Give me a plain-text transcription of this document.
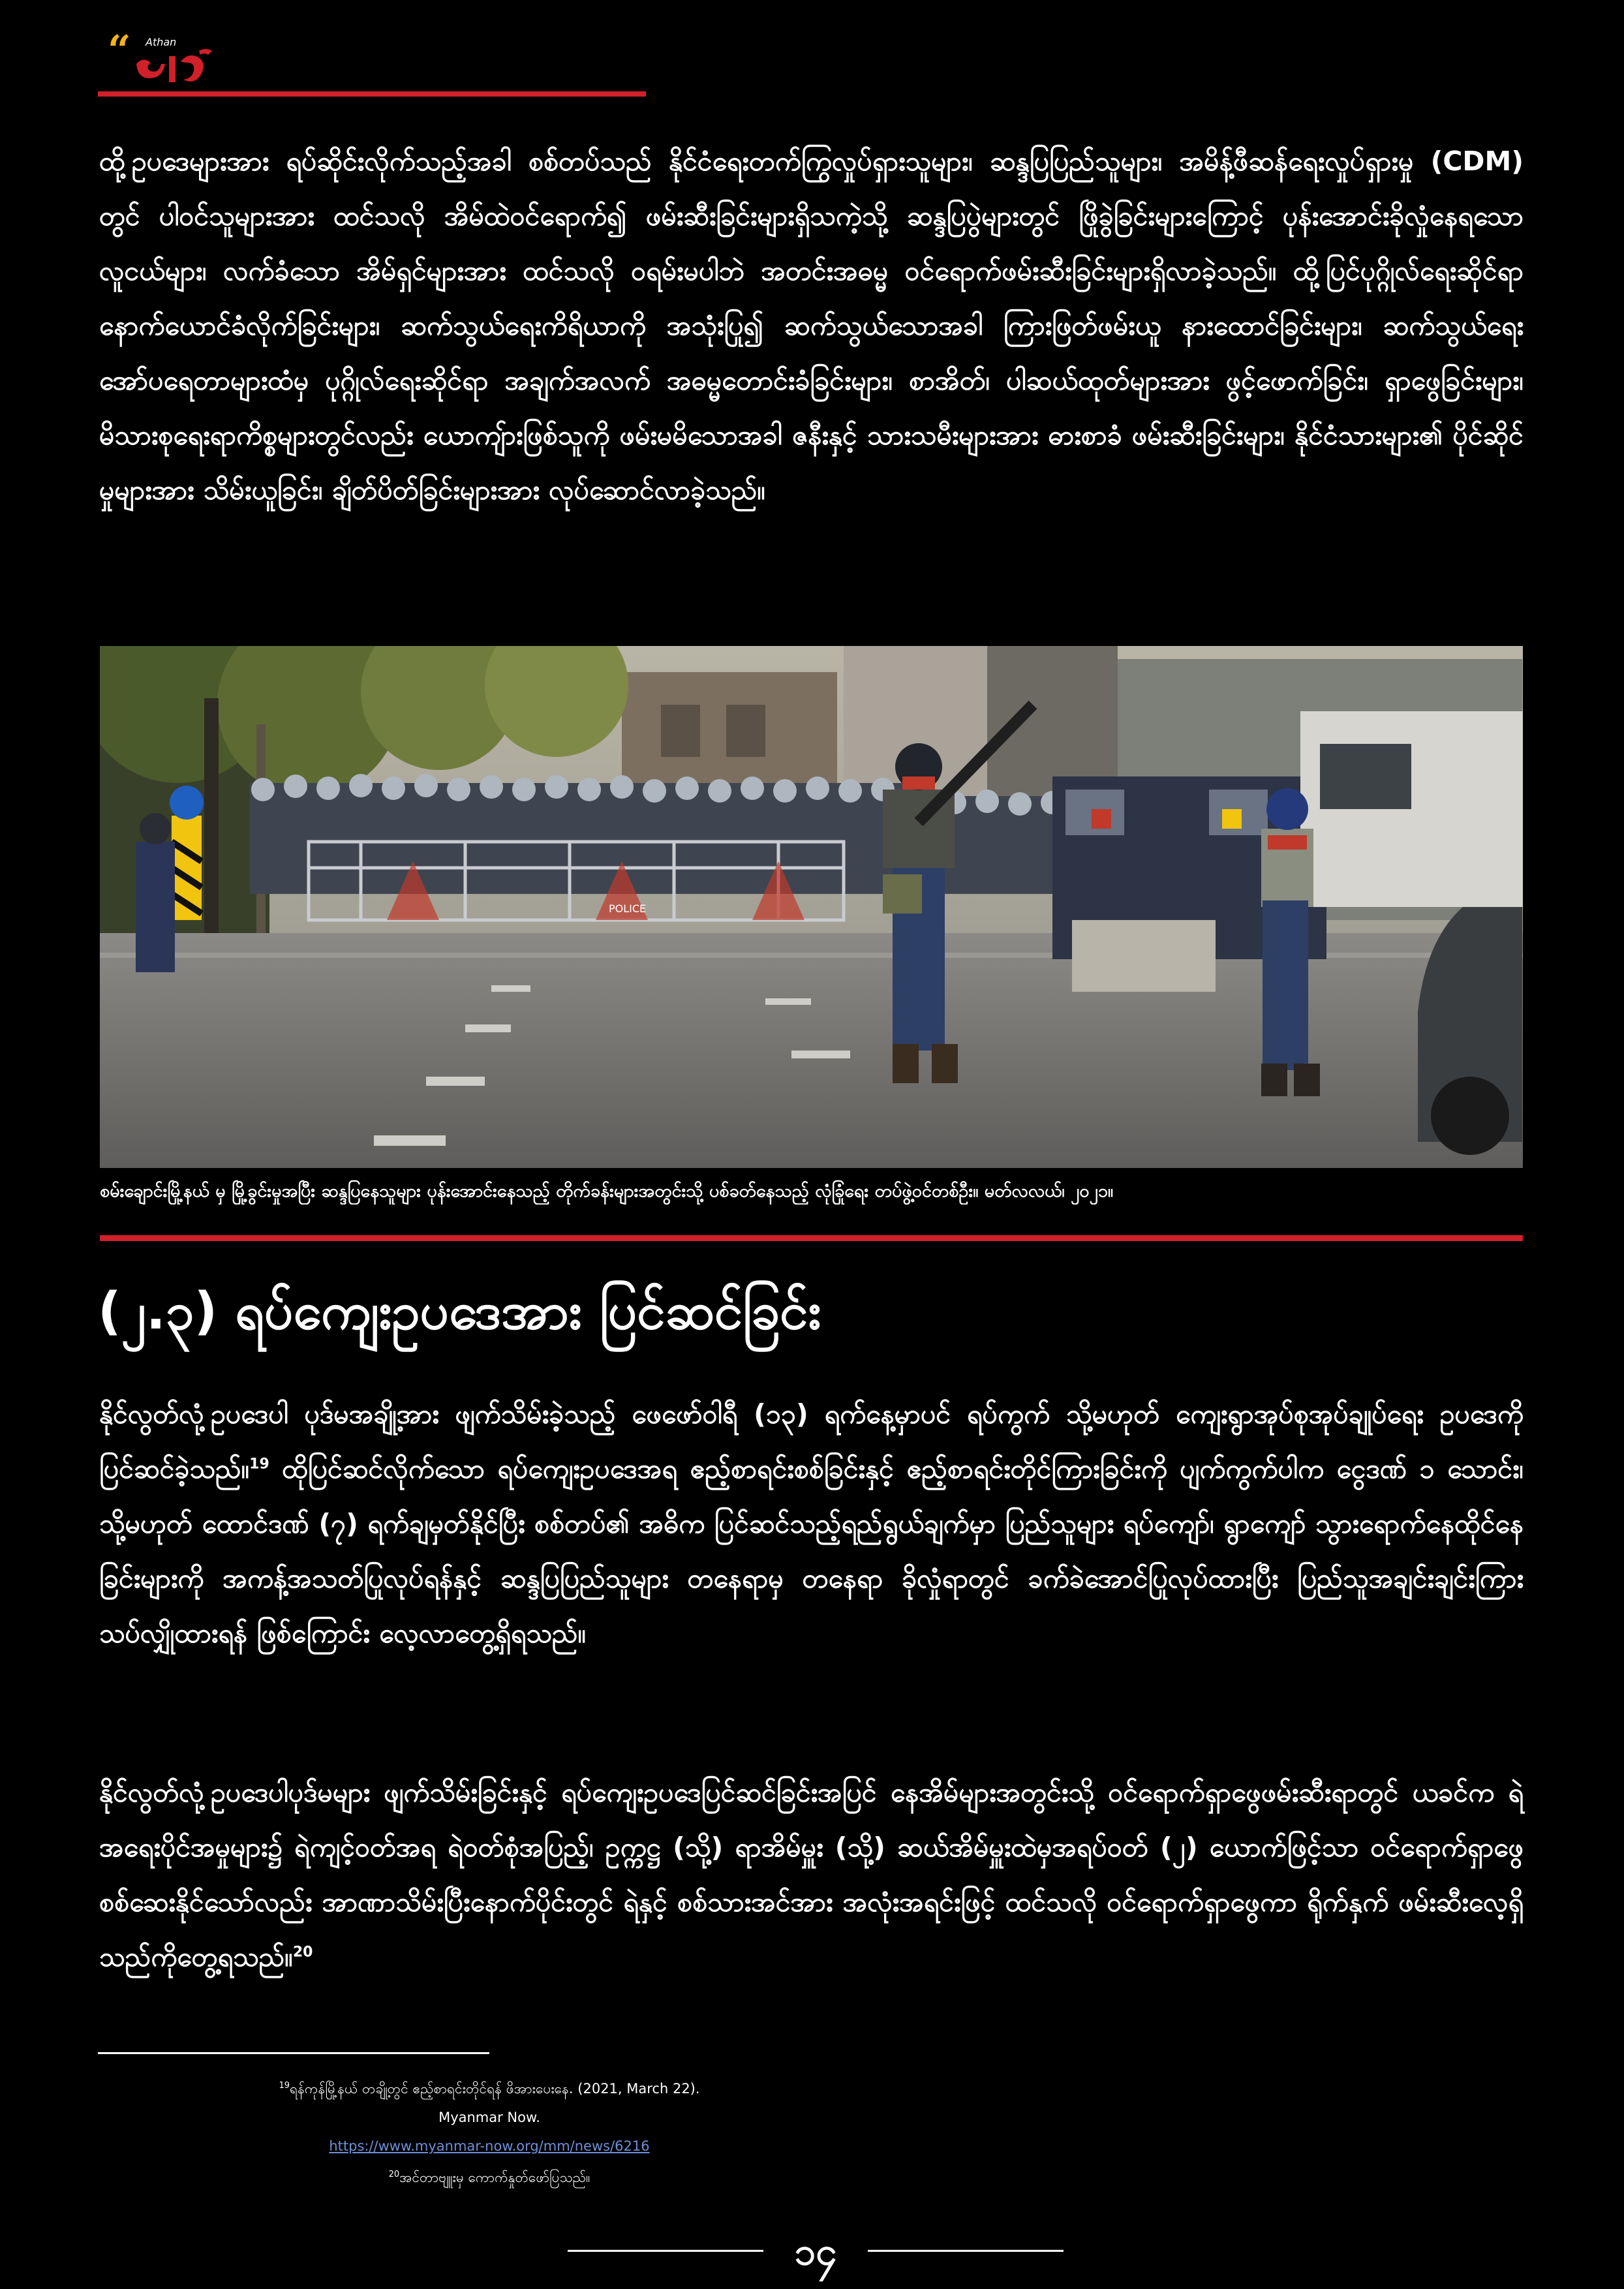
“ Athan

ထို့ဥပဒေများအား ရပ်ဆိုင်းလိုက်သည့်အခါ စစ်တပ်သည် နိုင်ငံရေးတက်ကြွလှုပ်ရှားသူများ၊ ဆန္ဒပြပြည်သူများ၊ အမိန့်ဖီဆန်ရေးလှုပ်ရှားမှု (CDM) တွင် ပါဝင်သူများအား ထင်သလို အိမ်ထဲဝင်ရောက်၍ ဖမ်းဆီးခြင်းများရှိသကဲ့သို့ ဆန္ဒပြပွဲများတွင် ဖြိုခွဲခြင်းများကြောင့် ပုန်းအောင်းခိုလှုံနေရသော လူငယ်များ၊ လက်ခံသော အိမ်ရှင်များအား ထင်သလို ဝရမ်းမပါဘဲ အတင်းအဓမ္မ ဝင်ရောက်ဖမ်းဆီးခြင်းများရှိလာခဲ့သည်။ ထို့ပြင်ပုဂ္ဂိုလ်ရေးဆိုင်ရာ နောက်ယောင်ခံလိုက်ခြင်းများ၊ ဆက်သွယ်ရေးကိရိယာကို အသုံးပြု၍ ဆက်သွယ်သောအခါ ကြားဖြတ်ဖမ်းယူ နားထောင်ခြင်းများ၊ ဆက်သွယ်ရေး အော်ပရေတာများထံမှ ပုဂ္ဂိုလ်ရေးဆိုင်ရာ အချက်အလက် အဓမ္မတောင်းခံခြင်းများ၊ စာအိတ်၊ ပါဆယ်ထုတ်များအား ဖွင့်ဖောက်ခြင်း၊ ရှာဖွေခြင်းများ၊ မိသားစုရေးရာကိစ္စများတွင်လည်း ယောကျ်ားဖြစ်သူကို ဖမ်းမမိသောအခါ ဇနီးနှင့် သားသမီးများအား ဓားစာခံ ဖမ်းဆီးခြင်းများ၊ နိုင်ငံသားများ၏ ပိုင်ဆိုင်မှုများအား သိမ်းယူခြင်း၊ ချိတ်ပိတ်ခြင်းများအား လုပ်ဆောင်လာခဲ့သည်။

POLICE
စမ်းချောင်းမြို့နယ် မှ မြို့ခွင်းမှုအပြီး ဆန္ဒပြနေသူများ ပုန်းအောင်းနေသည့် တိုက်ခန်းများအတွင်းသို့ ပစ်ခတ်နေသည့် လုံခြုံရေး တပ်ဖွဲ့ဝင်တစ်ဦး။ မတ်လလယ်၊ ၂၀၂၁။
(၂.၃) ရပ်ကျေးဥပဒေအား ပြင်ဆင်ခြင်း

နိုင်လွတ်လုံ့ဥပဒေပါ ပုဒ်မအချို့အား ဖျက်သိမ်းခဲ့သည့် ဖေဖော်ဝါရီ (၁၃) ရက်နေ့မှာပင် ရပ်ကွက် သို့မဟုတ် ကျေးရွာအုပ်စုအုပ်ချုပ်ရေး ဥပဒေကို ပြင်ဆင်ခဲ့သည်။$^{19}$ ထိုပြင်ဆင်လိုက်သော ရပ်ကျေးဥပဒေအရ ဧည့်စာရင်းစစ်ခြင်းနှင့် ဧည့်စာရင်းတိုင်ကြားခြင်းကို ပျက်ကွက်ပါက ငွေဒဏ် ၁ သောင်း၊ သို့မဟုတ် ထောင်ဒဏ် (၇) ရက်ချမှတ်နိုင်ပြီး စစ်တပ်၏ အဓိက ပြင်ဆင်သည့်ရည်ရွယ်ချက်မှာ ပြည်သူများ ရပ်ကျော်၊ ရွာကျော် သွားရောက်နေထိုင်နေခြင်းများကို အကန့်အသတ်ပြုလုပ်ရန်နှင့် ဆန္ဒပြပြည်သူများ တနေရာမှ တနေရာ ခိုလှုံရာတွင် ခက်ခဲအောင်ပြုလုပ်ထားပြီး ပြည်သူအချင်းချင်းကြား သပ်လျှိုထားရန် ဖြစ်ကြောင်း လေ့လာတွေ့ရှိရသည်။

နိုင်လွတ်လုံ့ဥပဒေပါပုဒ်မများ ဖျက်သိမ်းခြင်းနှင့် ရပ်ကျေးဥပဒေပြင်ဆင်ခြင်းအပြင် နေအိမ်များအတွင်းသို့ ဝင်ရောက်ရှာဖွေဖမ်းဆီးရာတွင် ယခင်က ရဲအရေးပိုင်အမှုများ၌ ရဲကျင့်ဝတ်အရ ရဲဝတ်စုံအပြည့်၊ ဥက္ကဋ္ဌ (သို့) ရာအိမ်မှူး (သို့) ဆယ်အိမ်မှူးထဲမှအရပ်ဝတ် (၂) ယောက်ဖြင့်သာ ဝင်ရောက်ရှာဖွေစစ်ဆေးနိုင်သော်လည်း အာဏာသိမ်းပြီးနောက်ပိုင်းတွင် ရဲနှင့် စစ်သားအင်အား အလုံးအရင်းဖြင့် ထင်သလို ဝင်ရောက်ရှာဖွေကာ ရိုက်နှက် ဖမ်းဆီးလေ့ရှိသည်ကိုတွေ့ရသည်။$^{20}$

$^{19}$ရန်ကုန်မြို့နယ် တချို့တွင် ဧည့်စာရင်းတိုင်ရန် ဖိအားပေးနေ. (2021, March 22).
Myanmar Now.
https://www.myanmar-now.org/mm/news/6216
$^{20}$အင်တာဗျူးမှ ကောက်နှုတ်ဖော်ပြသည်။
၁၄
